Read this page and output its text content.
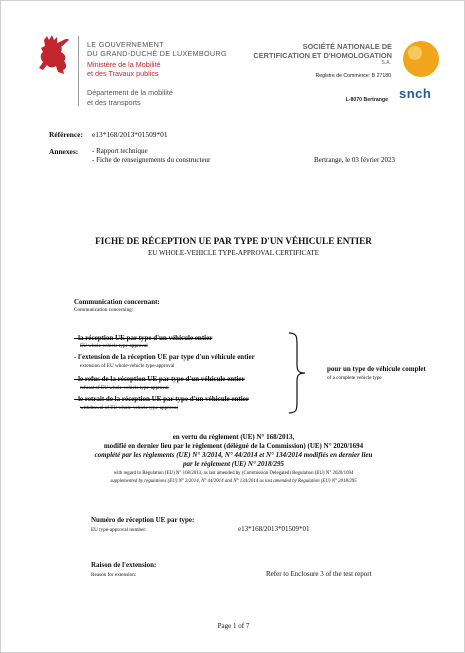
LE GOUVERNEMENT
DU GRAND-DUCHÉ DE LUXEMBOURG
Ministère de la Mobilité
et des Travaux publics
Département de la mobilité
et des transports
SOCIÉTÉ NATIONALE DE
CERTIFICATION ET D'HOMOLOGATION
S.A.
Registre de Commerce: B 27180
L-8070 Bertrange snch
Référence: e13*168/2013*01509*01
Annexes: - Rapport technique
- Fiche de renseignements du constructeur	Bertrange, le 03 février 2023
FICHE DE RÉCEPTION UE PAR TYPE D'UN VÉHICULE ENTIER
EU WHOLE-VEHICLE TYPE-APPROVAL CERTIFICATE
Communication concernant:
Communication concerning:
- la réception UE par type d'un véhicule entier
EU whole-vehicle type-approval
- l'extension de la réception UE par type d'un véhicule entier
extension of EU whole-vehicle type-approval
- le refus de la réception UE par type d'un véhicule entier
refusal of EU whole-vehicle type-approval
- le retrait de la réception UE par type d'un véhicule entier
withdrawal of EU whole-vehicle type-approval
pour un type de véhicule complet
of a complete vehicle type
en vertu du règlement (UE) N° 168/2013,
modifié en dernier lieu par le règlement (délégué de la Commission) (UE) N° 2020/1694
complété par les règlements (UE) N° 3/2014, N° 44/2014 et N° 134/2014 modifiés en dernier lieu
par le règlement (UE) N° 2018/295
with regard to Regulation (EU) N° 168/2013, as last amended by (Commission Delegated) Regulation (EU) N° 2020/1694
supplemented by regulations (EU) N° 3/2014, N° 44/2014 and N° 134/2014 as last amended by Regulation (EU) N° 2018/295
Numéro de réception UE par type:
EU type-approval number:	e13*168/2013*01509*01
Raison de l'extension:
Reason for extension:	Refer to Enclosure 3 of the test report
Page 1 of 7
